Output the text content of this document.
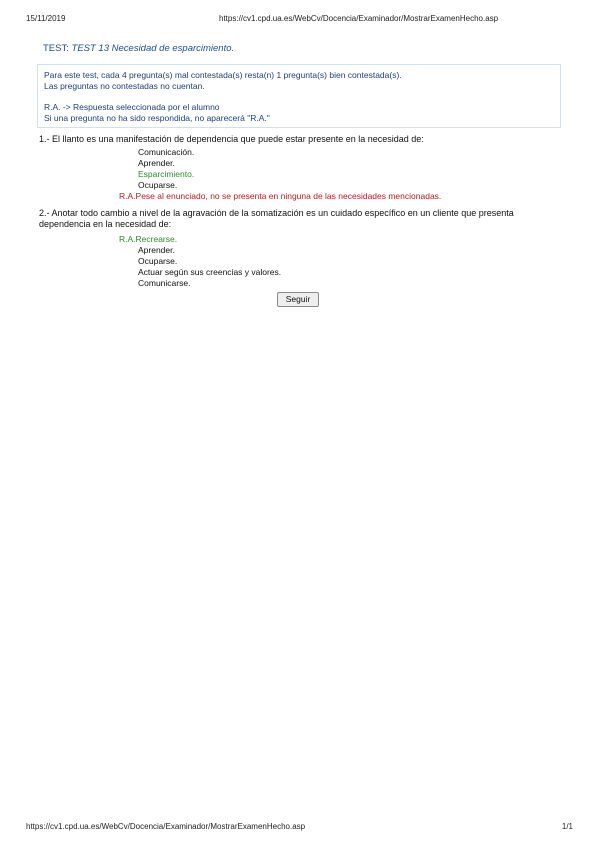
15/11/2019	https://cv1.cpd.ua.es/WebCv/Docencia/Examinador/MostrarExamenHecho.asp
TEST: TEST 13 Necesidad de esparcimiento.
Para este test, cada 4 pregunta(s) mal contestada(s) resta(n) 1 pregunta(s) bien contestada(s).
Las preguntas no contestadas no cuentan.
R.A. -> Respuesta seleccionada por el alumno
Si una pregunta no ha sido respondida, no aparecerá "R.A."
1.- El llanto es una manifestación de dependencia que puede estar presente en la necesidad de:
Comunicación.
Aprender.
Esparcimiento.
Ocuparse.
R.A.Pese al enunciado, no se presenta en ninguna de las necesidades mencionadas.
2.- Anotar todo cambio a nivel de la agravación de la somatización es un cuidado específico en un cliente que presenta dependencia en la necesidad de:
R.A.Recrearse.
Aprender.
Ocuparse.
Actuar según sus creencias y valores.
Comunicarse.
Seguir
https://cv1.cpd.ua.es/WebCv/Docencia/Examinador/MostrarExamenHecho.asp	1/1
